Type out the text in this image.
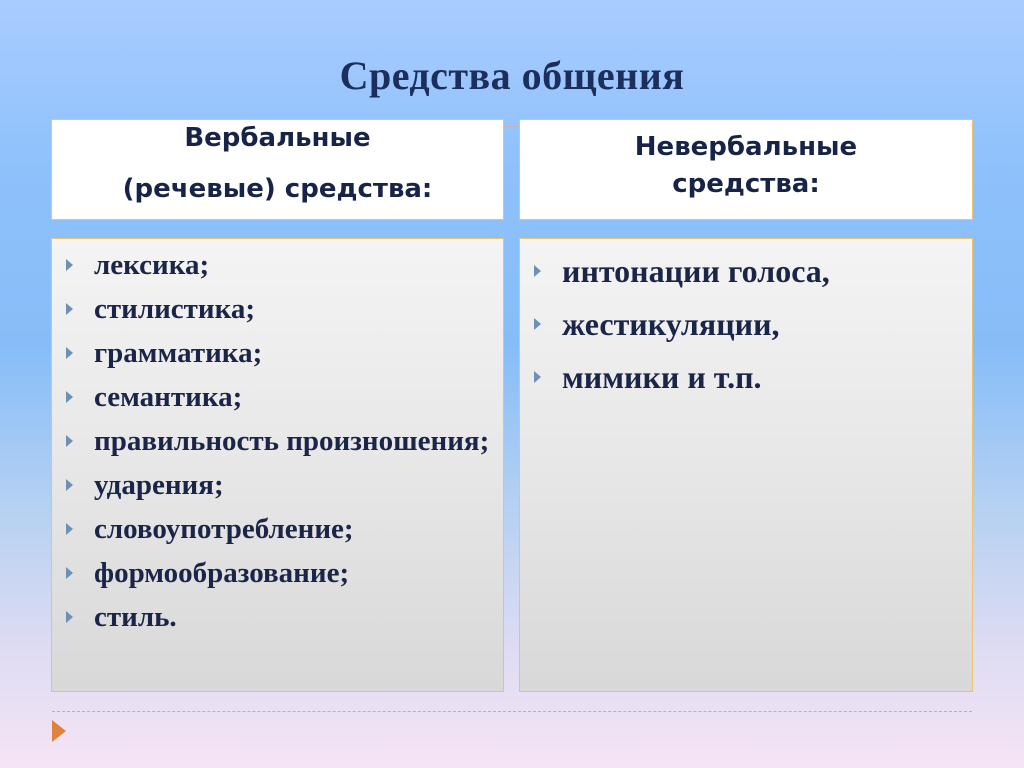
Средства общения
Вербальные
(речевые) средства:
Невербальные
средства:
лексика;
стилистика;
грамматика;
семантика;
правильность произношения;
ударения;
словоупотребление;
формообразование;
стиль.
интонации голоса,
жестикуляции,
мимики и т.п.
